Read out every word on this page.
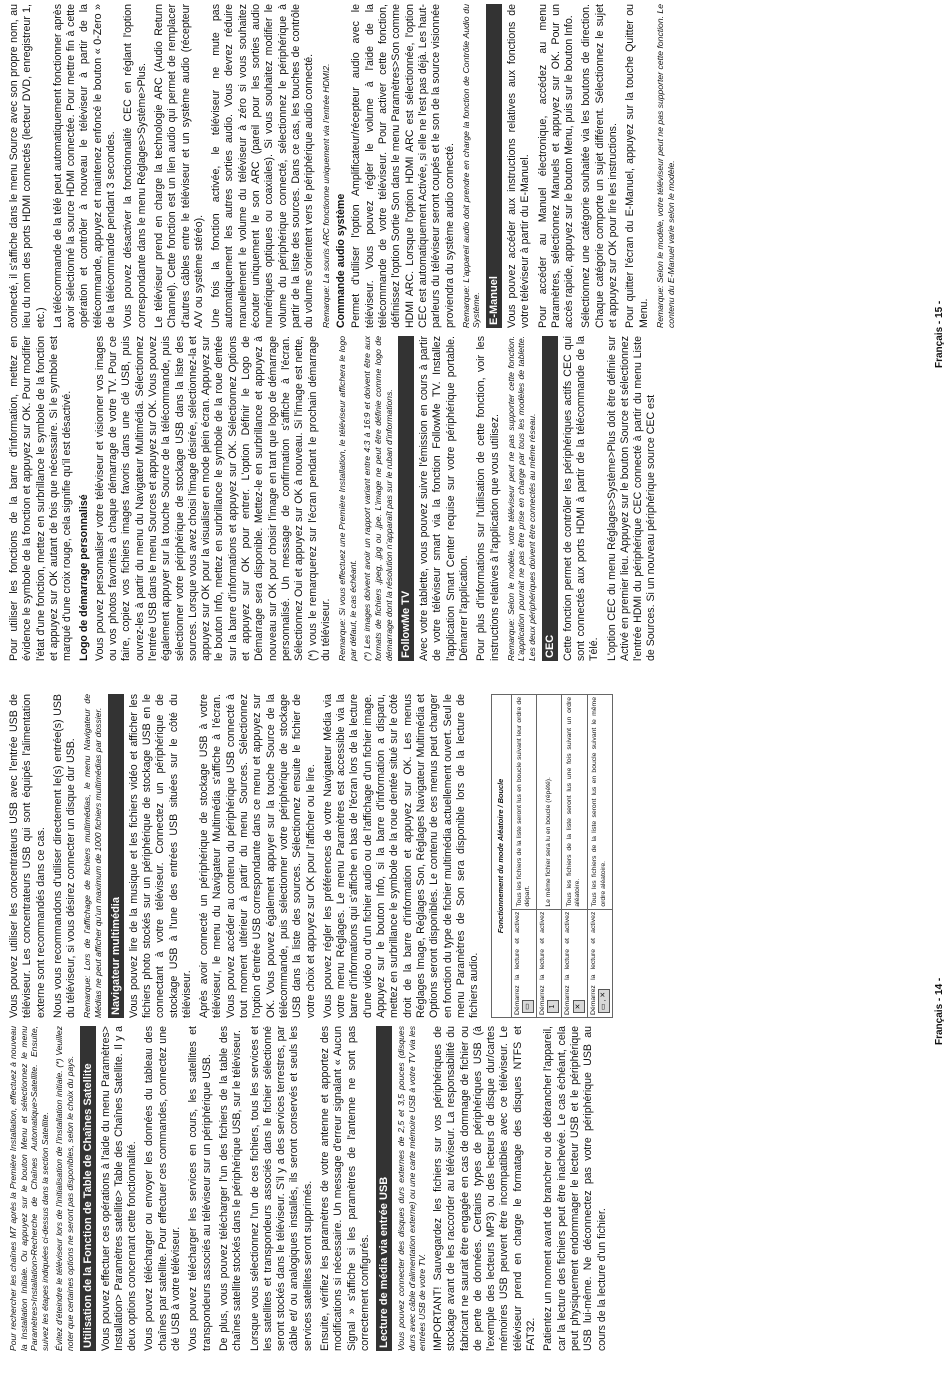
Pour rechercher les chaînes M7 après la Première Installation, effectuez à nouveau la Installation Initiale. Ou appuyez sur le bouton Menu et sélectionnez le menu Paramètres>Installation>Recherche de Chaînes Automatique>Satellite. Ensuite, suivez les étapes indiquées ci-dessus dans la section Satellite. Évitez d'éteindre le téléviseur lors de l'initialisation de l'installation initiale. (*) Veuillez noter que certaines options ne seront pas disponibles, selon le choix du pays. Utilisation de la Fonction de Table de Chaînes Satellite Vous pouvez effectuer ces opérations à l'aide du menu Paramètres> Installation> Paramètres satellite> Table des Chaînes Satellite. Il y a deux options concernant cette fonctionnalité. Vous pouvez télécharger ou envoyer les données du tableau des chaînes par satellite. Pour effectuer ces commandes, connectez une clé USB à votre téléviseur. Vous pouvez télécharger les services en cours, les satellites et transpondeurs associés au téléviseur sur un périphérique USB. De plus, vous pouvez télécharger l'un des fichiers de la table des chaînes satellite stockés dans le périphérique USB, sur le téléviseur. Lorsque vous sélectionnez l'un de ces fichiers, tous les services et les satellites et transpondeurs associés dans le fichier sélectionné seront stockés dans le téléviseur. S'il y a des services terrestres, par câble et/ ou analogiques installés, ils seront conservés et seuls les services satellites seront supprimés. Ensuite, vérifiez les paramètres de votre antenne et apportez des modifications si nécessaire. Un message d'erreur signalant « Aucun Signal » s'affiche si les paramètres de l'antenne ne sont pas correctement configurés. Lecture de média via entrée USB Vous pouvez connecter des disques durs externes de 2,5 et 3,5 pouces (disques durs avec câble d'alimentation externe) ou une carte mémoire USB à votre TV via les entrées USB de votre TV. IMPORTANT! Sauvegardez les fichiers sur vos périphériques de stockage avant de les raccorder au téléviseur. La responsabilité du fabricant ne saurait être engagée en cas de dommage de fichier ou de perte de données. Certains types de périphériques USB (à l'exemple des lecteurs MP3) ou des lecteurs de disque dur/cartes mémoires USB peuvent être incompatibles avec ce téléviseur. Le téléviseur prend en charge le formatage des disques NTFS et FAT32. Patientez un moment avant de brancher ou de débrancher l'appareil, car la lecture des fichiers peut être inachevée. Le cas échéant, cela peut physiquement endommager le lecteur USB et le périphérique USB lui-même. Ne déconnectez pas votre périphérique USB au cours de la lecture d'un fichier.

Vous pouvez utiliser les concentrateurs USB avec l'entrée USB de téléviseur. Les concentrateurs USB qui sont équipés l'alimentation externe sont recommandés dans ce cas. Nous vous recommandons d'utiliser directement le(s) entrée(s) USB du téléviseur, si vous désirez connecter un disque dur USB. Remarque: Lors de l'affichage de fichiers multimédias, le menu Navigateur de Médias ne peut afficher qu'un maximum de 1000 fichiers multimédias par dossier. Navigateur multimédia Vous pouvez lire de la musique et les fichiers vidéo et afficher les fichiers photo stockés sur un périphérique de stockage USB en le connectant à votre téléviseur. Connectez un périphérique de stockage USB à l'une des entrées USB situées sur le côté du téléviseur. Après avoir connecté un périphérique de stockage USB à votre téléviseur, le menu du Navigateur Multimédia s'affiche à l'écran. Vous pouvez accéder au contenu du périphérique USB connecté à tout moment ultérieur à partir du menu Sources. Sélectionnez l'option d'entrée USB correspondante dans ce menu et appuyez sur OK. Vous pouvez également appuyer sur la touche Source de la télécommande, puis sélectionner votre périphérique de stockage USB dans la liste des sources. Sélectionnez ensuite le fichier de votre choix et appuyez sur OK pour l'afficher ou le lire. Vous pouvez régler les préférences de votre Navigateur Média via votre menu Réglages. Le menu Paramètres est accessible via la barre d'informations qui s'affiche en bas de l'écran lors de la lecture d'une vidéo ou d'un fichier audio ou de l'affichage d'un fichier image. Appuyez sur le bouton Info, si la barre d'information a disparu, mettez en surbrillance le symbole de la roue dentée situé sur le côté droit de la barre d'information et appuyez sur OK. Les menus Réglages Image, Réglages Son, Réglages Navigateur Multimédia et Options seront disponibles. Le contenu de ces menus peut changer en fonction du type de fichier multimédia actuellement ouvert. Seul le menu Paramètres de Son sera disponible lors de la lecture de fichiers audio.

Fonctionnement du mode Aléatoire / Boucle	
Démarrez la lecture et activez ▭	Tous les fichiers de la liste seront lus en boucle suivant leur ordre de départ.
Démarrez la lecture et activez 1	Le même fichier sera lu en boucle (répété).
Démarrez la lecture et activez ✕	Tous les fichiers de la liste seront lus une fois suivant un ordre aléatoire.
Démarrez la lecture et activez ▭ , ✕	Tous les fichiers de la liste seront lus en boucle suivant le même ordre aléatoire.
Français - 14 -

Pour utiliser les fonctions de la barre d'information, mettez en évidence le symbole de la fonction et appuyez sur OK. Pour modifier l'état d'une fonction, mettez en surbrillance le symbole de la fonction et appuyez sur OK autant de fois que nécessaire. Si le symbole est marqué d'une croix rouge, cela signifie qu'il est désactivé. Logo de démarrage personnalisé Vous pouvez personnaliser votre téléviseur et visionner vos images ou vos photos favorites à chaque démarrage de votre TV. Pour ce faire, copiez vos fichiers images favoris dans une clé USB, puis ouvrez-les à partir du menu du Navigateur Multimédia. Sélectionnez l'entrée USB dans le menu Sources et appuyez sur OK. Vous pouvez également appuyer sur la touche Source de la télécommande, puis sélectionner votre périphérique de stockage USB dans la liste des sources. Lorsque vous avez choisi l'image désirée, sélectionnez-la et appuyez sur OK pour la visualiser en mode plein écran. Appuyez sur le bouton Info, mettez en surbrillance le symbole de la roue dentée sur la barre d'informations et appuyez sur OK. Sélectionnez Options et appuyez sur OK pour entrer. L'option Définir le Logo de Démarrage sera disponible. Mettez-le en surbrillance et appuyez à nouveau sur OK pour choisir l'image en tant que logo de démarrage personnalisé. Un message de confirmation s'affiche à l'écran. Sélectionnez Oui et appuyez sur OK à nouveau. Si l'image est nette,(*) vous le remarquerez sur l'écran pendant le prochain démarrage du téléviseur. Remarque: Si vous effectuez une Première Installation, le téléviseur affichera le logo par défaut, le cas échéant. (*) Les images doivent avoir un rapport variant entre 4:3 à 16:9 et doivent être aux formats de fichiers .jpeg, .jpg ou .jpe. L'image ne peut être définie comme logo de démarrage dont la résolution n'apparaît pas sur le ruban d'informations. FollowMe TV Avec votre tablette, vous pouvez suivre l'émission en cours à partir de votre téléviseur smart via la fonction FollowMe TV. Installez l'application Smart Center requise sur votre périphérique portable. Démarrer l'application. Pour plus d'informations sur l'utilisation de cette fonction, voir les instructions relatives à l'application que vous utilisez. Remarque: Selon le modèle, votre téléviseur peut ne pas supporter cette fonction. L'application pourrait ne pas être prise en charge par tous les modèles de tablette. Les deux périphériques doivent être connectés au même réseau. CEC Cette fonction permet de contrôler les périphériques actifs CEC qui sont connectés aux ports HDMI à partir de la télécommande de la Télé. L'option CEC du menu Réglages>Système>Plus doit être définie sur Activé en premier lieu. Appuyez sur le bouton Source et sélectionnez l'entrée HDMI du périphérique CEC connecté à partir du menu Liste de Sources. Si un nouveau périphérique source CEC est

connecté, il s'affiche dans le menu Source avec son propre nom, au lieu du nom des ports HDMI connectés (lecteur DVD, enregistreur 1, etc.) La télécommande de la télé peut automatiquement fonctionner après avoir sélectionné la source HDMI connectée. Pour mettre fin à cette opération et contrôler à nouveau le téléviseur à partir de la télécommande, appuyez et maintenez enfoncé le bouton « 0-Zero » de la télécommande pendant 3 secondes. Vous pouvez désactiver la fonctionnalité CEC en réglant l'option correspondante dans le menu Réglages>Système>Plus. Le téléviseur prend en charge la technologie ARC (Audio Return Channel). Cette fonction est un lien audio qui permet de remplacer d'autres câbles entre le téléviseur et un système audio (récepteur A/V ou système stéréo). Une fois la fonction activée, le téléviseur ne mute pas automatiquement les autres sorties audio. Vous devrez réduire manuellement le volume du téléviseur à zéro si vous souhaitez écouter uniquement le son ARC (pareil pour les sorties audio numériques optiques ou coaxiales). Si vous souhaitez modifier le volume du périphérique connecté, sélectionnez le périphérique à partir de la liste des sources. Dans ce cas, les touches de contrôle du volume s'orientent vers le périphérique audio connecté. Remarque: La souris ARC fonctionne uniquement via l'entrée HDMI2. Commande audio système Permet d'utiliser l'option Amplificateur/récepteur audio avec le téléviseur. Vous pouvez régler le volume à l'aide de la télécommande de votre téléviseur. Pour activer cette fonction, définissez l'option Sortie Son dans le menu Paramètres>Son comme HDMI ARC. Lorsque l'option HDMI ARC est sélectionnée, l'option CEC est automatiquement Activée, si elle ne l'est pas déjà. Les haut-parleurs du téléviseur seront coupés et le son de la source visionnée proviendra du système audio connecté. Remarque: L'appareil audio doit prendre en charge la fonction de Contrôle Audio du Système. E-Manuel Vous pouvez accéder aux instructions relatives aux fonctions de votre téléviseur à partir du E-Manuel. Pour accéder au Manuel électronique, accédez au menu Paramètres, sélectionnez Manuels et appuyez sur OK. Pour un accès rapide, appuyez sur le bouton Menu, puis sur le bouton Info. Sélectionnez une catégorie souhaitée via les boutons de direction. Chaque catégorie comporte un sujet différent. Sélectionnez le sujet et appuyez sur OK pour lire les instructions. Pour quitter l'écran du E-Manuel, appuyez sur la touche Quitter ou Menu. Remarque: Selon le modèle, votre téléviseur peut ne pas supporter cette fonction. Le contenu du E-Manuel varie selon le modèle.

Français - 15 -
